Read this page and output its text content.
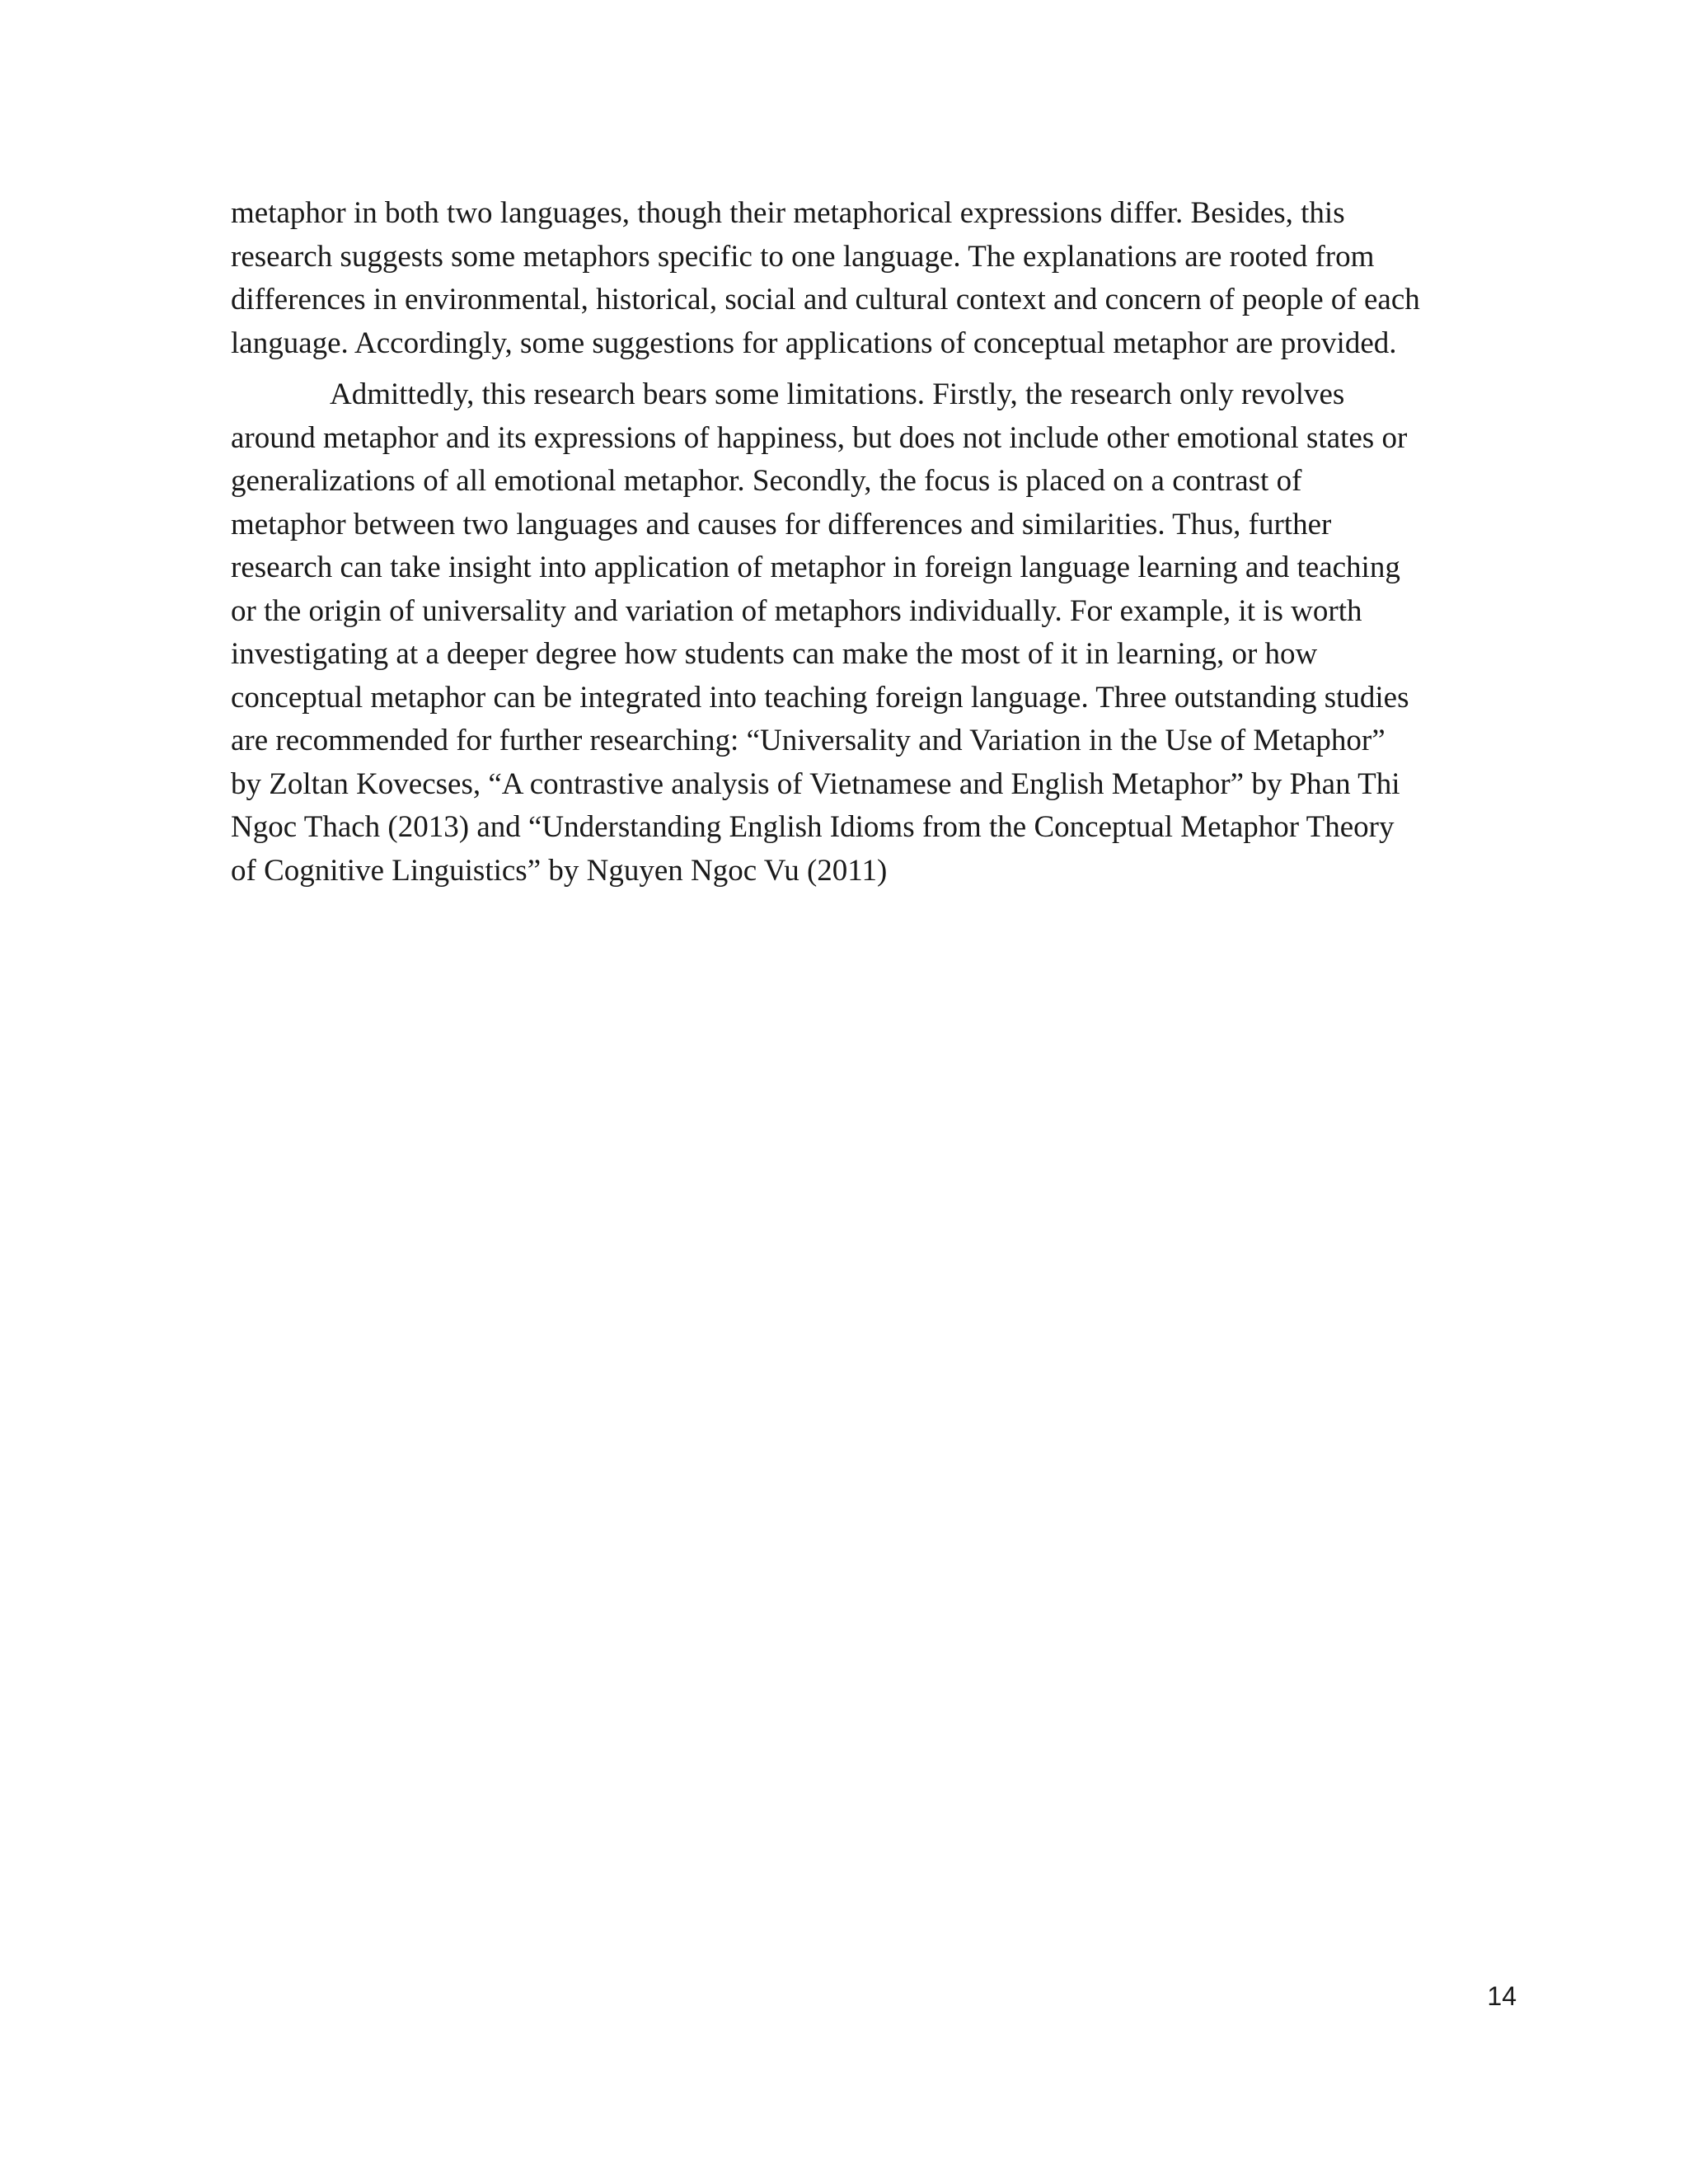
metaphor in both two languages, though their metaphorical expressions differ. Besides, this
research suggests some metaphors specific to one language. The explanations are rooted from
differences in environmental, historical, social and cultural context and concern of people of each
language. Accordingly, some suggestions for applications of conceptual metaphor are provided.
Admittedly, this research bears some limitations. Firstly, the research only revolves
around metaphor and its expressions of happiness, but does not include other emotional states or
generalizations of all emotional metaphor. Secondly, the focus is placed on a contrast of
metaphor between two languages and causes for differences and similarities. Thus, further
research can take insight into application of metaphor in foreign language learning and teaching
or the origin of universality and variation of metaphors individually. For example, it is worth
investigating at a deeper degree how students can make the most of it in learning, or how
conceptual metaphor can be integrated into teaching foreign language. Three outstanding studies
are recommended for further researching: “Universality and Variation in the Use of Metaphor”
by Zoltan Kovecses, “A contrastive analysis of Vietnamese and English Metaphor” by Phan Thi
Ngoc Thach (2013) and “Understanding English Idioms from the Conceptual Metaphor Theory
of Cognitive Linguistics” by Nguyen Ngoc Vu (2011)
14
